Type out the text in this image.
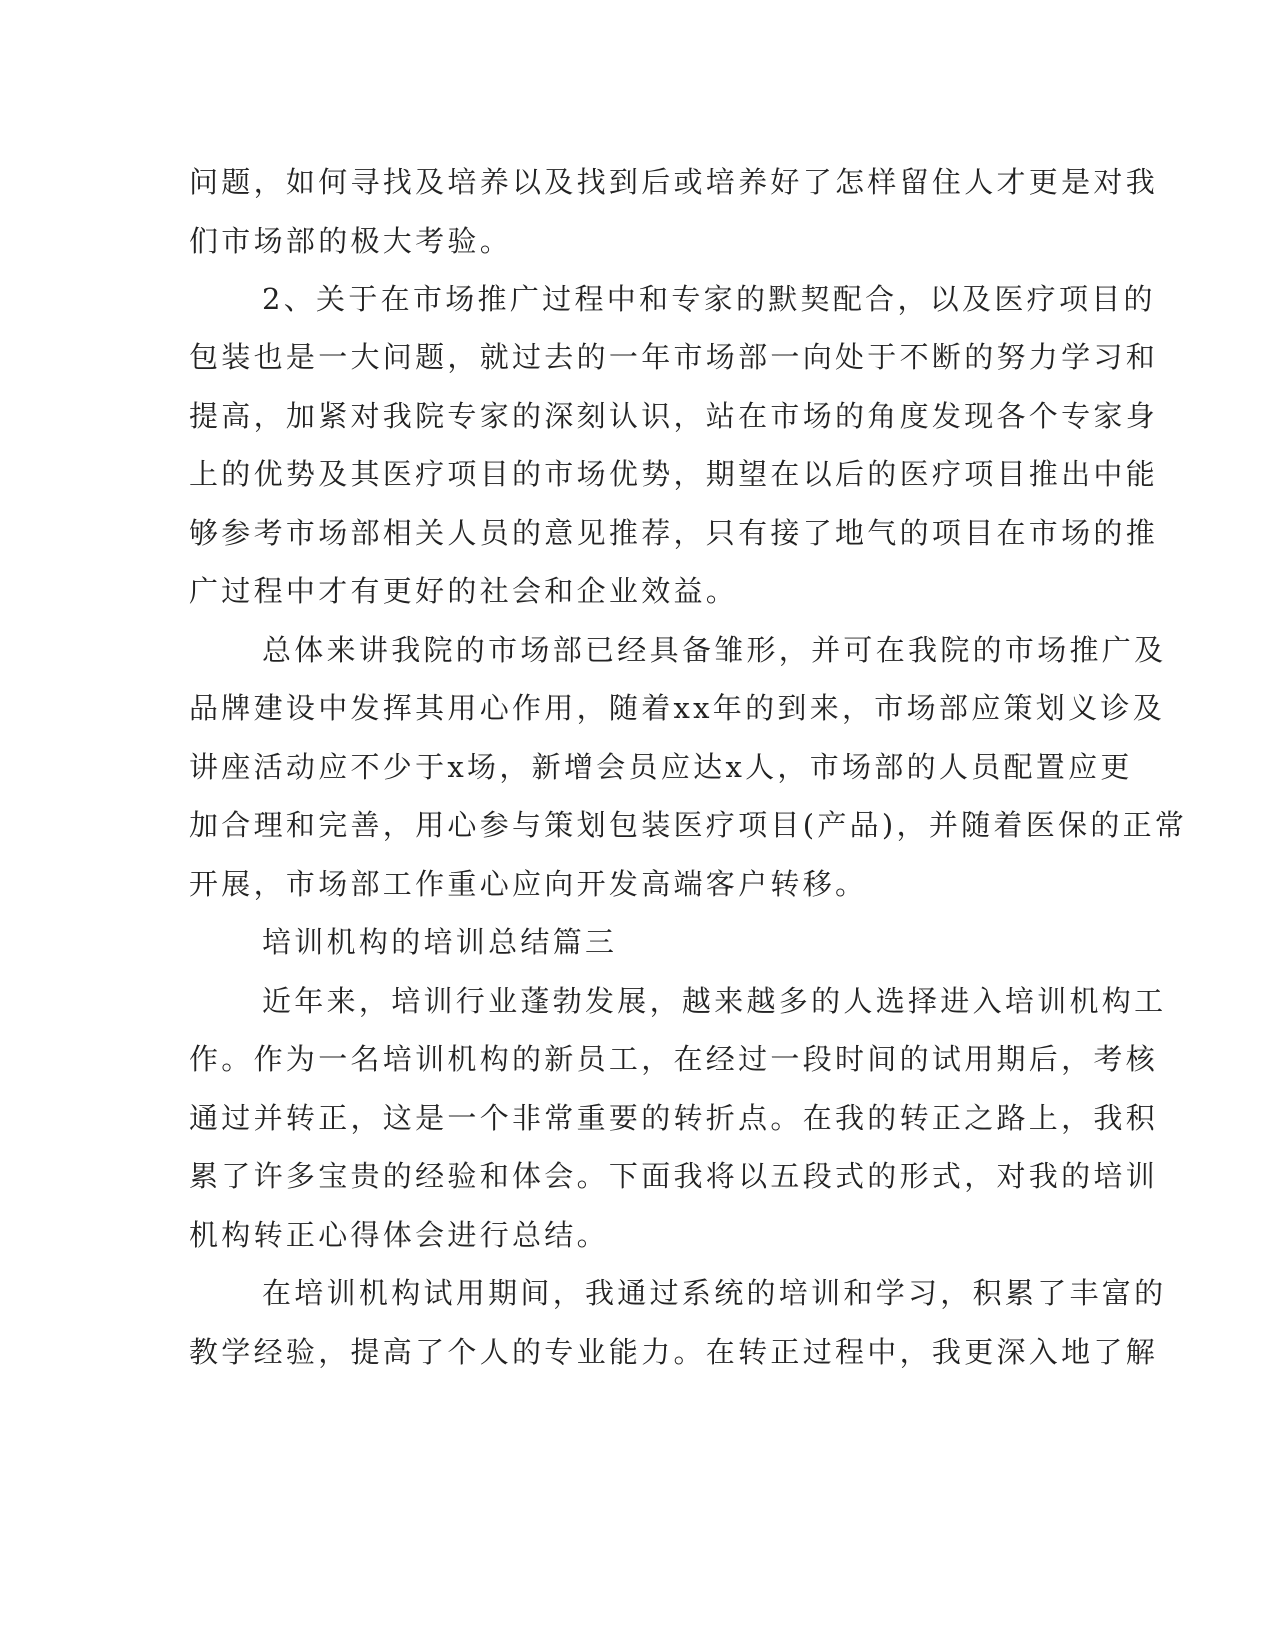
问题，如何寻找及培养以及找到后或培养好了怎样留住人才更是对我
们市场部的极大考验。
2、关于在市场推广过程中和专家的默契配合，以及医疗项目的
包装也是一大问题，就过去的一年市场部一向处于不断的努力学习和
提高，加紧对我院专家的深刻认识，站在市场的角度发现各个专家身
上的优势及其医疗项目的市场优势，期望在以后的医疗项目推出中能
够参考市场部相关人员的意见推荐，只有接了地气的项目在市场的推
广过程中才有更好的社会和企业效益。
总体来讲我院的市场部已经具备雏形，并可在我院的市场推广及
品牌建设中发挥其用心作用，随着xx年的到来，市场部应策划义诊及
讲座活动应不少于x场，新增会员应达x人，市场部的人员配置应更
加合理和完善，用心参与策划包装医疗项目(产品)，并随着医保的正常
开展，市场部工作重心应向开发高端客户转移。
培训机构的培训总结篇三
近年来，培训行业蓬勃发展，越来越多的人选择进入培训机构工
作。作为一名培训机构的新员工，在经过一段时间的试用期后，考核
通过并转正，这是一个非常重要的转折点。在我的转正之路上，我积
累了许多宝贵的经验和体会。下面我将以五段式的形式，对我的培训
机构转正心得体会进行总结。
在培训机构试用期间，我通过系统的培训和学习，积累了丰富的
教学经验，提高了个人的专业能力。在转正过程中，我更深入地了解
